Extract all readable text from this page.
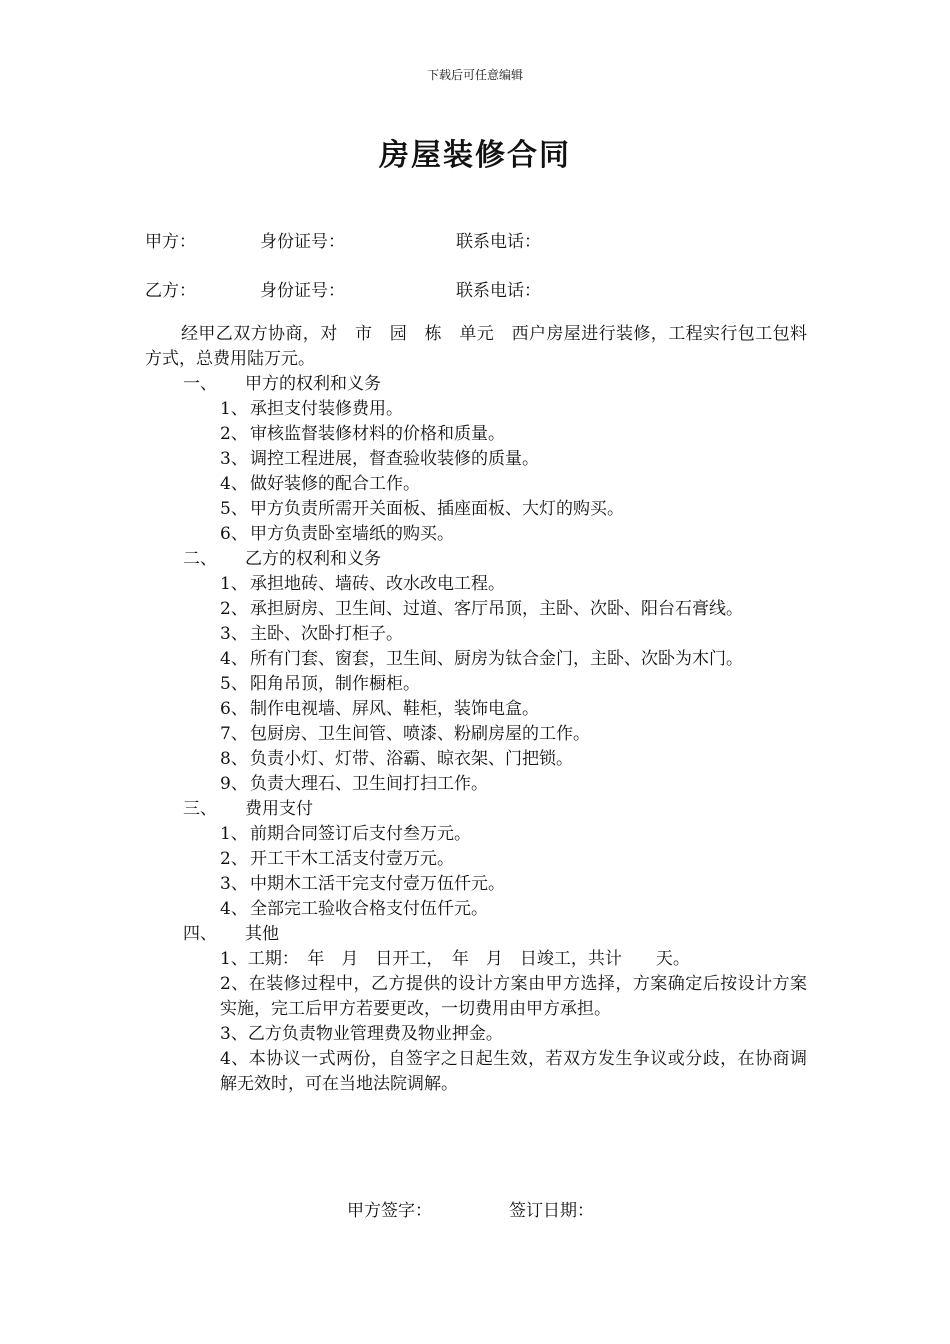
下载后可任意编辑
房屋装修合同
甲方：	身份证号：	联系电话：
乙方：	身份证号：	联系电话：

经甲乙双方协商，对　市　园　栋　单元　西户房屋进行装修，工程实行包工包料方式，总费用陆万元。

一、 甲方的权利和义务

1、 承担支付装修费用。

2、 审核监督装修材料的价格和质量。

3、 调控工程进展，督查验收装修的质量。

4、 做好装修的配合工作。

5、 甲方负责所需开关面板、插座面板、大灯的购买。

6、 甲方负责卧室墙纸的购买。

二、 乙方的权利和义务

1、 承担地砖、墙砖、改水改电工程。

2、 承担厨房、卫生间、过道、客厅吊顶，主卧、次卧、阳台石膏线。

3、 主卧、次卧打柜子。

4、 所有门套、窗套，卫生间、厨房为钛合金门，主卧、次卧为木门。

5、 阳角吊顶，制作橱柜。

6、 制作电视墙、屏风、鞋柜，装饰电盒。

7、 包厨房、卫生间管、喷漆、粉刷房屋的工作。

8、 负责小灯、灯带、浴霸、晾衣架、门把锁。

9、 负责大理石、卫生间打扫工作。

三、 费用支付

1、 前期合同签订后支付叁万元。

2、 开工干木工活支付壹万元。

3、 中期木工活干完支付壹万伍仟元。

4、 全部完工验收合格支付伍仟元。

四、 其他

1、工期：　年　月　日开工，　年　月　日竣工，共计　　天。

2、在装修过程中，乙方提供的设计方案由甲方选择，方案确定后按设计方案实施，完工后甲方若要更改，一切费用由甲方承担。

3、乙方负责物业管理费及物业押金。

4、本协议一式两份，自签字之日起生效，若双方发生争议或分歧，在协商调解无效时，可在当地法院调解。

甲方签字：	签订日期：
